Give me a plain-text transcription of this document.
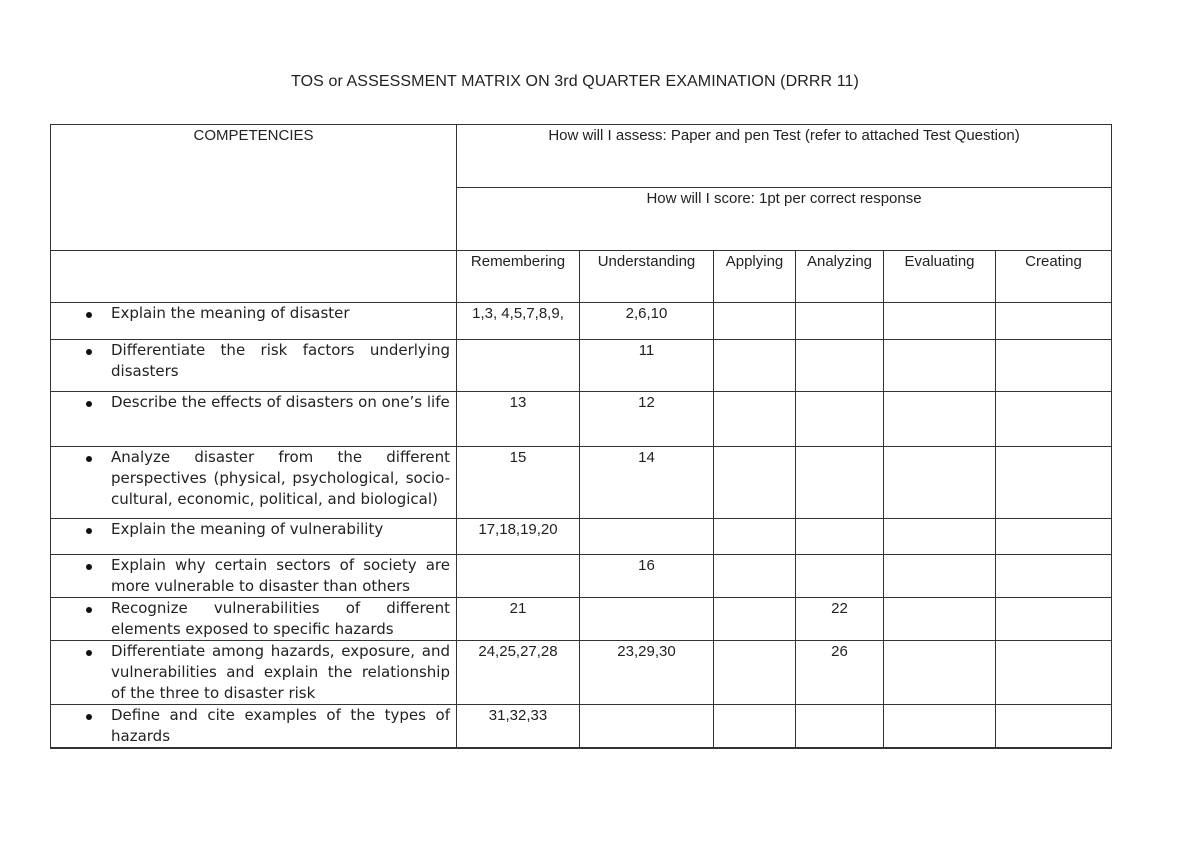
TOS or ASSESSMENT MATRIX ON 3rd QUARTER EXAMINATION (DRRR 11)
COMPETENCIES	How will I assess: Paper and pen Test (refer to attached Test Question)					
	How will I score: 1pt per correct response					
	Remembering	Understanding	Applying	Analyzing	Evaluating	Creating

Explain the meaning of disaster	1,3, 4,5,7,8,9,	2,6,10				

Differentiate the risk factors underlying disasters		11				

Describe the effects of disasters on one’s life	13	12				

Analyze disaster from the different perspectives (physical, psychological, socio-cultural, economic, political, and biological)	15	14				

Explain the meaning of vulnerability	17,18,19,20					

Explain why certain sectors of society are more vulnerable to disaster than others		16				

Recognize vulnerabilities of different elements exposed to specific hazards	21			22		

Differentiate among hazards, exposure, and vulnerabilities and explain the relationship of the three to disaster risk	24,25,27,28	23,29,30		26		

Define and cite examples of the types of hazards	31,32,33					
